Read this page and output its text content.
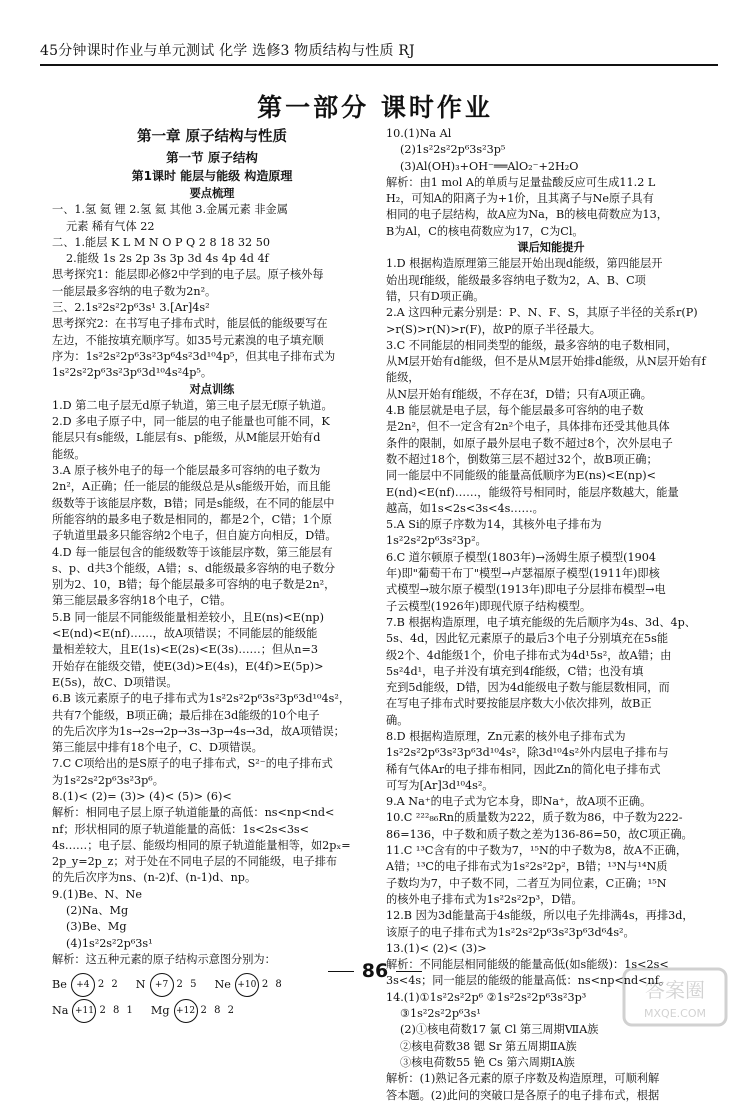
45分钟课时作业与单元测试 化学 选修3 物质结构与性质 RJ
第一部分 课时作业

第一章 原子结构与性质

第一节 原子结构

第1课时 能层与能级 构造原理

要点梳理

一、1.氢 氦 锂 2.氢 氦 其他 3.金属元素 非金属

元素 稀有气体 22

二、1.能层 K L M N O P Q 2 8 18 32 50

2.能级 1s 2s 2p 3s 3p 3d 4s 4p 4d 4f

思考探究1：能层即必修2中学到的电子层。原子核外每

一能层最多容纳的电子数为2n²。

三、2.1s²2s²2p⁶3s¹ 3.[Ar]4s²

思考探究2：在书写电子排布式时，能层低的能级要写在

左边，不能按填充顺序写。如35号元素溴的电子填充顺

序为：1s²2s²2p⁶3s²3p⁶4s²3d¹⁰4p⁵，但其电子排布式为

1s²2s²2p⁶3s²3p⁶3d¹⁰4s²4p⁵。

对点训练

1.D 第二电子层无d原子轨道，第三电子层无f原子轨道。

2.D 多电子原子中，同一能层的电子能量也可能不同，K

能层只有s能级，L能层有s、p能级，从M能层开始有d

能级。

3.A 原子核外电子的每一个能层最多可容纳的电子数为

2n²，A正确；任一能层的能级总是从s能级开始，而且能

级数等于该能层序数，B错；同是s能级，在不同的能层中

所能容纳的最多电子数是相同的，都是2个，C错；1个原

子轨道里最多只能容纳2个电子，但自旋方向相反，D错。

4.D 每一能层包含的能级数等于该能层序数，第三能层有

s、p、d共3个能级，A错；s、d能级最多容纳的电子数分

别为2、10，B错；每个能层最多可容纳的电子数是2n²，

第三能层最多容纳18个电子，C错。

5.B 同一能层不同能级能量相差较小，且E(ns)<E(np)

<E(nd)<E(nf)……，故A项错误；不同能层的能级能

量相差较大，且E(1s)<E(2s)<E(3s)……；但从n=3

开始存在能级交错，使E(3d)>E(4s)，E(4f)>E(5p)>

E(5s)，故C、D项错误。

6.B 该元素原子的电子排布式为1s²2s²2p⁶3s²3p⁶3d¹⁰4s²，

共有7个能级，B项正确；最后排在3d能级的10个电子

的先后次序为1s→2s→2p→3s→3p→4s→3d，故A项错误；

第三能层中排有18个电子，C、D项错误。

7.C C项给出的是S原子的电子排布式，S²⁻的电子排布式

为1s²2s²2p⁶3s²3p⁶。

8.(1)< (2)= (3)> (4)< (5)> (6)<

解析：相同电子层上原子轨道能量的高低：ns<np<nd<

nf；形状相同的原子轨道能量的高低：1s<2s<3s<

4s……；电子层、能级均相同的原子轨道能量相等，如2pₓ=

2p_y=2p_z；对于处在不同电子层的不同能级，电子排布

的先后次序为ns、(n-2)f、(n-1)d、np。

9.(1)Be、N、Ne

(2)Na、Mg

(3)Be、Mg

(4)1s²2s²2p⁶3s¹

解析：这五种元素的原子结构示意图分别为：

Be	+4 2 2 N	+7 2 5 Ne +10 2 8
Na +11 2 8 1 Mg +12 2 8 2

10.(1)Na Al

(2)1s²2s²2p⁶3s²3p⁵

(3)Al(OH)₃+OH⁻══AlO₂⁻+2H₂O

解析：由1 mol A的单质与足量盐酸反应可生成11.2 L

H₂，可知A的阳离子为+1价，且其离子与Ne原子具有

相同的电子层结构，故A应为Na，B的核电荷数应为13，

B为Al，C的核电荷数应为17，C为Cl。

课后知能提升

1.D 根据构造原理第三能层开始出现d能级，第四能层开

始出现f能级，能级最多容纳电子数为2，A、B、C项

错，只有D项正确。

2.A 这四种元素分别是：P、N、F、S，其原子半径的关系r(P)

>r(S)>r(N)>r(F)，故P的原子半径最大。

3.C 不同能层的相同类型的能级，最多容纳的电子数相同，

从M层开始有d能级，但不是从M层开始排d能级，从N层开始有f能级，

从N层开始有f能级，不存在3f，D错；只有A项正确。

4.B 能层就是电子层，每个能层最多可容纳的电子数

是2n²，但不一定含有2n²个电子，具体排布还受其他具体

条件的限制，如原子最外层电子数不超过8个，次外层电子

数不超过18个，倒数第三层不超过32个，故B项正确；

同一能层中不同能级的能量高低顺序为E(ns)<E(np)<

E(nd)<E(nf)……，能级符号相同时，能层序数越大，能量

越高，如1s<2s<3s<4s……。

5.A Si的原子序数为14，其核外电子排布为

1s²2s²2p⁶3s²3p²。

6.C 道尔顿原子模型(1803年)→汤姆生原子模型(1904

年)即"葡萄干布丁"模型→卢瑟福原子模型(1911年)即核

式模型→玻尔原子模型(1913年)即电子分层排布模型→电

子云模型(1926年)即现代原子结构模型。

7.B 根据构造原理，电子填充能级的先后顺序为4s、3d、4p、

5s、4d，因此钇元素原子的最后3个电子分别填充在5s能

级2个、4d能级1个，价电子排布式为4d¹5s²，故A错；由

5s²4d¹，电子并没有填充到4f能级，C错；也没有填

充到5d能级，D错，因为4d能级电子数与能层数相同，而

在写电子排布式时要按能层序数大小依次排列，故B正

确。

8.D 根据构造原理，Zn元素的核外电子排布式为

1s²2s²2p⁶3s²3p⁶3d¹⁰4s²，除3d¹⁰4s²外内层电子排布与

稀有气体Ar的电子排布相同，因此Zn的简化电子排布式

可写为[Ar]3d¹⁰4s²。

9.A Na⁺的电子式为它本身，即Na⁺，故A项不正确。

10.C ²²²₈₆Rn的质量数为222，质子数为86，中子数为222-

86=136，中子数和质子数之差为136-86=50，故C项正确。

11.C ¹³C含有的中子数为7，¹⁵N的中子数为8，故A不正确，

A错；¹³C的电子排布式为1s²2s²2p²，B错；¹³N与¹⁴N质

子数均为7，中子数不同，二者互为同位素，C正确；¹⁵N

的核外电子排布式为1s²2s²2p³，D错。

12.B 因为3d能量高于4s能级，所以电子先排满4s，再排3d，

该原子的电子排布式为1s²2s²2p⁶3s²3p⁶3d⁶4s²。

13.(1)< (2)< (3)>

解析：不同能层相同能级的能量高低(如s能级)：1s<2s<

3s<4s；同一能层的能级的能量高低：ns<np<nd<nf。

14.(1)①1s²2s²2p⁶ ②1s²2s²2p⁶3s²3p³

③1s²2s²2p⁶3s¹

(2)①核电荷数17 氯 Cl 第三周期ⅦA族

②核电荷数38 锶 Sr 第五周期ⅡA族

③核电荷数55 铯 Cs 第六周期ⅠA族

解析：(1)熟记各元素的原子序数及构造原理，可顺利解

答本题。(2)此问的突破口是各原子的电子排布式，根据

86
答案圈
MXQE.COM
